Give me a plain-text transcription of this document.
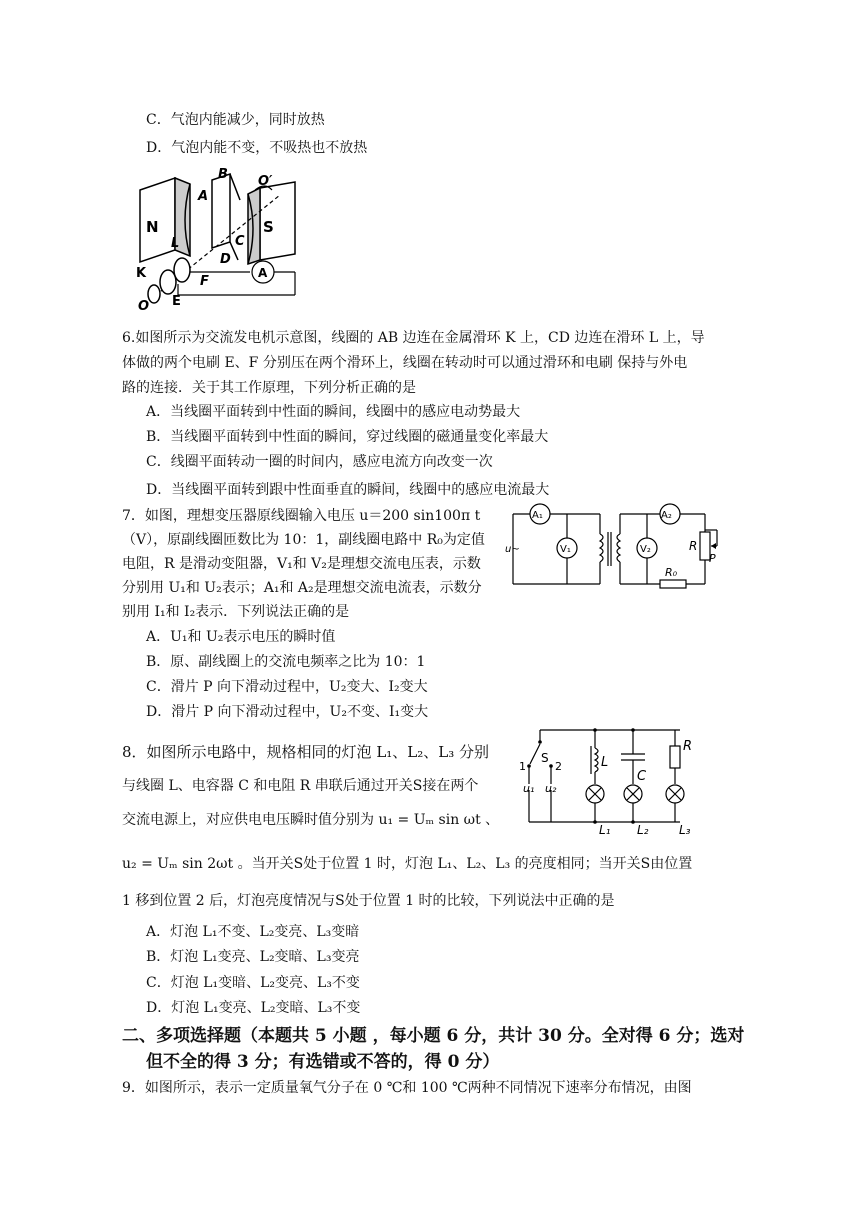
C．气泡内能减少，同时放热
D．气泡内能不变，不吸热也不放热
N	S
A
B
C
D
O′
L
K
F
E
O
A
6.如图所示为交流发电机示意图，线圈的 AB 边连在金属滑环 K 上，CD 边连在滑环 L 上，导
体做的两个电刷 E、F 分别压在两个滑环上，线圈在转动时可以通过滑环和电刷 保持与外电
路的连接．关于其工作原理，下列分析正确的是
A．当线圈平面转到中性面的瞬间，线圈中的感应电动势最大
B．当线圈平面转到中性面的瞬间，穿过线圈的磁通量变化率最大
C．线圈平面转动一圈的时间内，感应电流方向改变一次
D．当线圈平面转到跟中性面垂直的瞬间，线圈中的感应电流最大
A₁
V₁
A₂
V₂
u~	R
P
R₀
7．如图，理想变压器原线圈输入电压 u＝200 sin100π t
（V），原副线圈匝数比为 10：1，副线圈电路中 R₀为定值
电阻，R 是滑动变阻器，V₁和 V₂是理想交流电压表，示数
分别用 U₁和 U₂表示；A₁和 A₂是理想交流电流表，示数分
别用 I₁和 I₂表示．下列说法正确的是
A．U₁和 U₂表示电压的瞬时值
B．原、副线圈上的交流电频率之比为 10：1
C．滑片 P 向下滑动过程中，U₂变大、I₂变大
D．滑片 P 向下滑动过程中，U₂不变、I₁变大
S
1	2
u₁ u₂
L
C
R
L₁ L₂	L₃
8．如图所示电路中，规格相同的灯泡 L₁、L₂、L₃ 分别
与线圈 L、电容器 C 和电阻 R 串联后通过开关S接在两个
交流电源上，对应供电电压瞬时值分别为 u₁ = Uₘ sin ωt 、
u₂ = Uₘ sin 2ωt 。当开关S处于位置 1 时，灯泡 L₁、L₂、L₃ 的亮度相同；当开关S由位置
1 移到位置 2 后，灯泡亮度情况与S处于位置 1 时的比较，下列说法中正确的是
A．灯泡 L₁不变、L₂变亮、L₃变暗
B．灯泡 L₁变亮、L₂变暗、L₃变亮
C．灯泡 L₁变暗、L₂变亮、L₃不变
D．灯泡 L₁变亮、L₂变暗、L₃不变
二、多项选择题（本题共 5 小题 ，每小题 6 分，共计 30 分。全对得 6 分；选对
但不全的得 3 分；有选错或不答的，得 0 分）
9．如图所示，表示一定质量氧气分子在 0 ℃和 100 ℃两种不同情况下速率分布情况，由图
